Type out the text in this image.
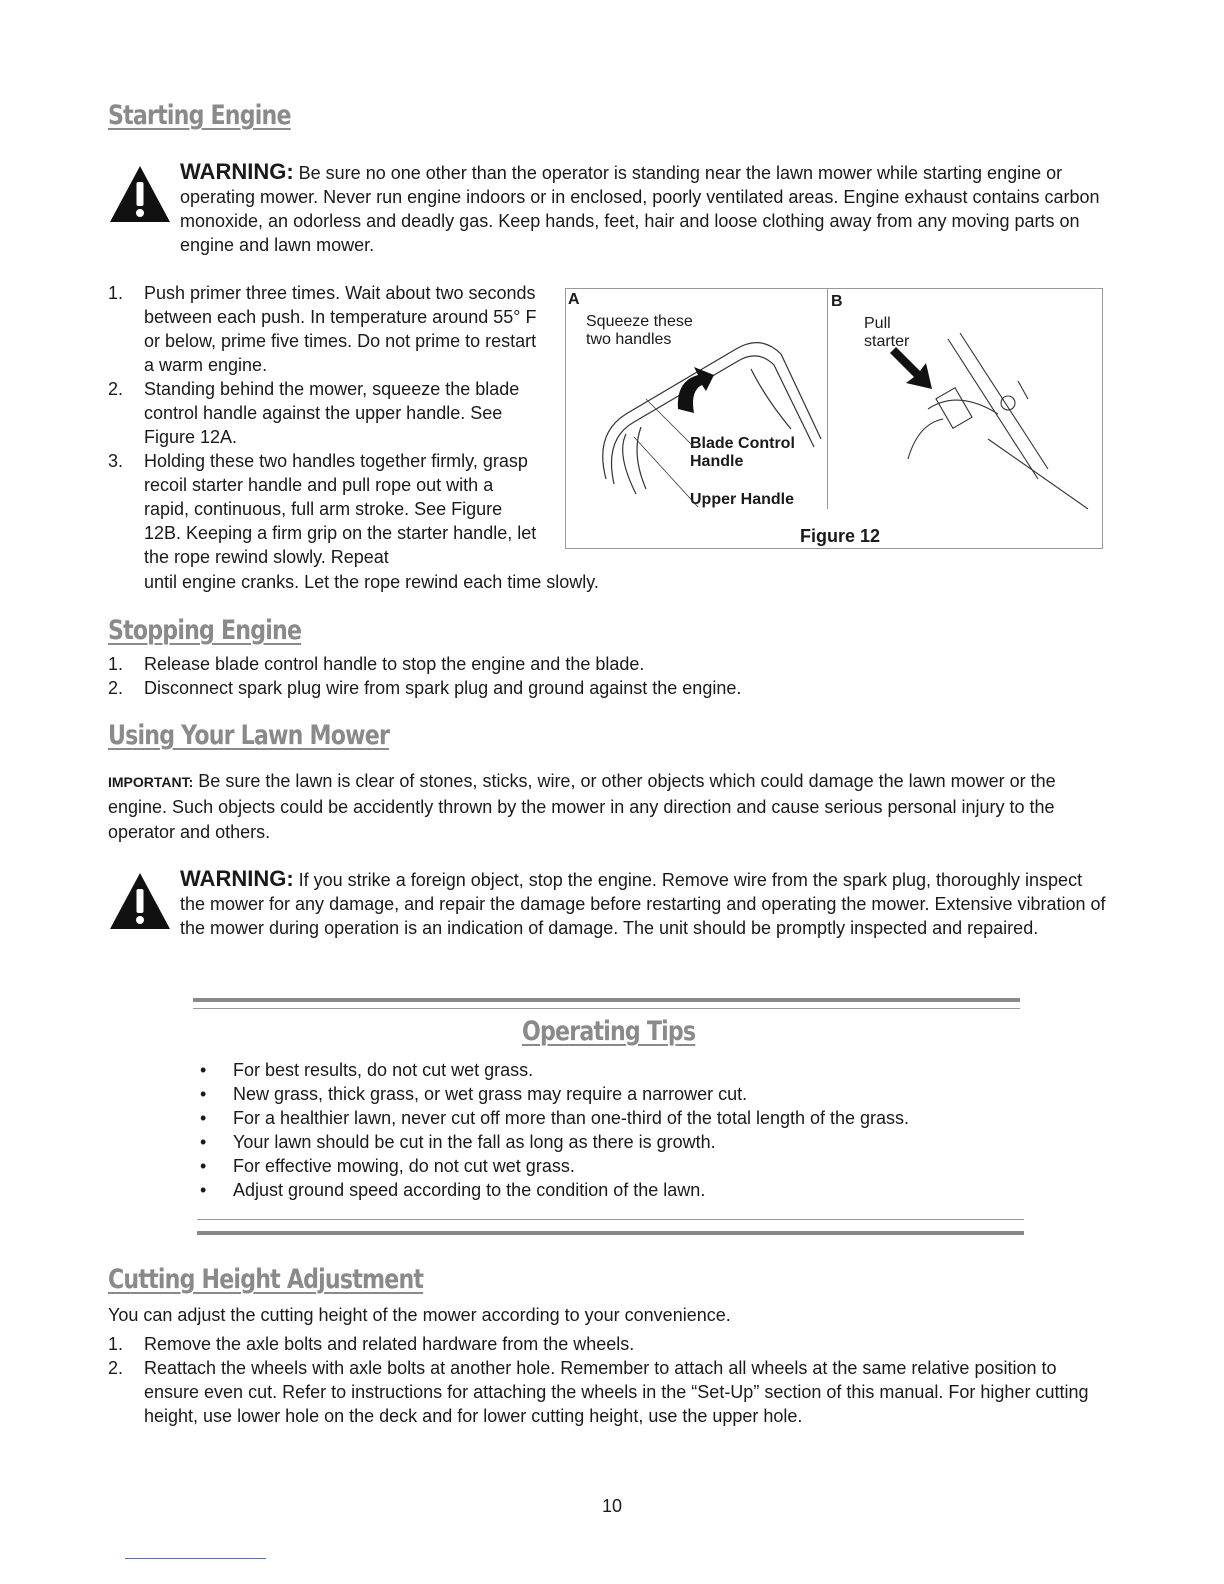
Starting Engine
WARNING: Be sure no one other than the operator is standing near the lawn mower while starting engine or operating mower. Never run engine indoors or in enclosed, poorly ventilated areas. Engine exhaust contains carbon monoxide, an odorless and deadly gas. Keep hands, feet, hair and loose clothing away from any moving parts on engine and lawn mower.
1. Push primer three times. Wait about two seconds between each push. In temperature around 55° F or below, prime five times. Do not prime to restart a warm engine.
2. Standing behind the mower, squeeze the blade control handle against the upper handle. See Figure 12A.
3. Holding these two handles together firmly, grasp recoil starter handle and pull rope out with a rapid, continuous, full arm stroke. See Figure 12B. Keeping a firm grip on the starter handle, let the rope rewind slowly. Repeat

until engine cranks. Let the rope rewind each time slowly.

A	B
Squeeze these two handles
Blade Control Handle
Upper Handle
Pull starter
Figure 12
Stopping Engine
1. Release blade control handle to stop the engine and the blade.
2. Disconnect spark plug wire from spark plug and ground against the engine.
Using Your Lawn Mower

IMPORTANT: Be sure the lawn is clear of stones, sticks, wire, or other objects which could damage the lawn mower or the engine. Such objects could be accidently thrown by the mower in any direction and cause serious personal injury to the operator and others.

WARNING: If you strike a foreign object, stop the engine. Remove wire from the spark plug, thoroughly inspect the mower for any damage, and repair the damage before restarting and operating the mower. Extensive vibration of the mower during operation is an indication of damage. The unit should be promptly inspected and repaired.
Operating Tips
• For best results, do not cut wet grass.
• New grass, thick grass, or wet grass may require a narrower cut.
• For a healthier lawn, never cut off more than one-third of the total length of the grass.
• Your lawn should be cut in the fall as long as there is growth.
• For effective mowing, do not cut wet grass.
• Adjust ground speed according to the condition of the lawn.
Cutting Height Adjustment

You can adjust the cutting height of the mower according to your convenience.

1. Remove the axle bolts and related hardware from the wheels.
2. Reattach the wheels with axle bolts at another hole. Remember to attach all wheels at the same relative position to ensure even cut. Refer to instructions for attaching the wheels in the “Set-Up” section of this manual. For higher cutting height, use lower hole on the deck and for lower cutting height, use the upper hole.
10
